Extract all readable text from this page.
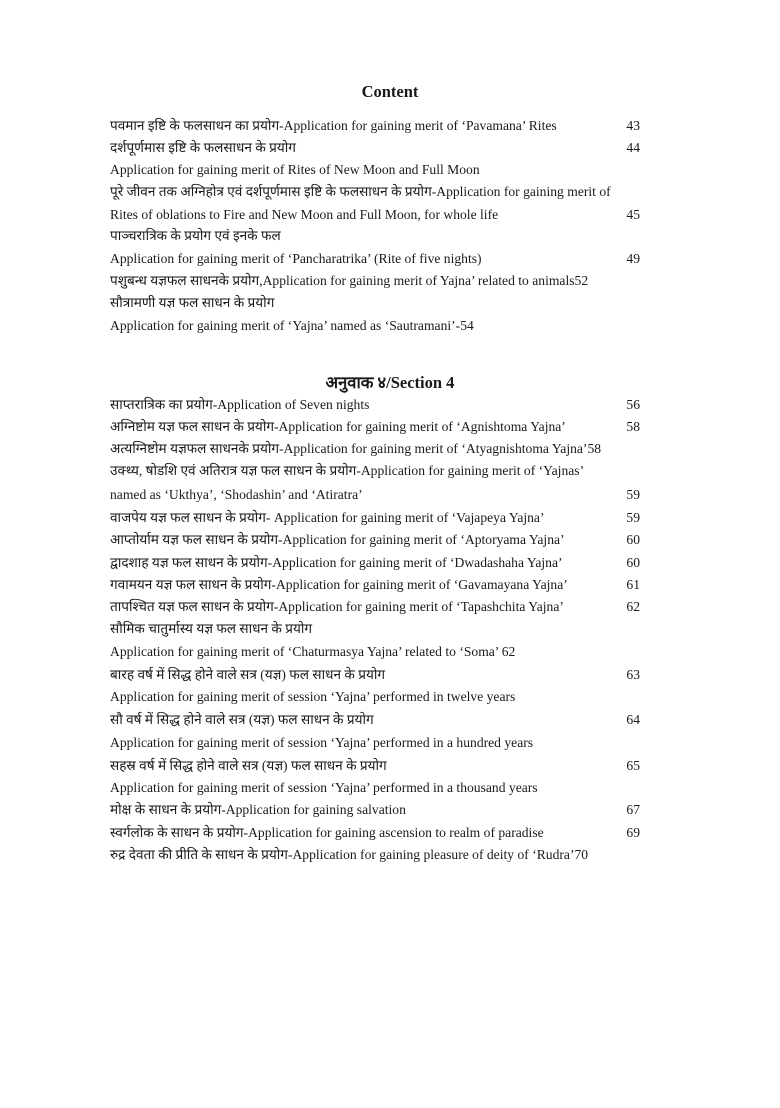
Content
पवमान इष्टि के फलसाधन का प्रयोग-Application for gaining merit of ‘Pavamana’ Rites	43
दर्शपूर्णमास इष्टि के फलसाधन के प्रयोग	44
Application for gaining merit of Rites of New Moon and Full Moon
पूरे जीवन तक अग्निहोत्र एवं दर्शपूर्णमास इष्टि के फलसाधन के प्रयोग-Application for gaining merit of
Rites of oblations to Fire and New Moon and Full Moon, for whole life	45
पाञ्चरात्रिक के प्रयोग एवं इनके फल
Application for gaining merit of ‘Pancharatrika’ (Rite of five nights)	49
पशुबन्ध यज्ञफल साधनके प्रयोग,Application for gaining merit of Yajna’ related to animals52
सौत्रामणी यज्ञ फल साधन के प्रयोग
Application for gaining merit of ‘Yajna’ named as ‘Sautramani’-54
अनुवाक ४/Section 4
साप्तरात्रिक का प्रयोग-Application of Seven nights	56
अग्निष्टोम यज्ञ फल साधन के प्रयोग-Application for gaining merit of ‘Agnishtoma Yajna’	58
अत्यग्निष्टोम यज्ञफल साधनके प्रयोग-Application for gaining merit of ‘Atyagnishtoma Yajna’58
उक्थ्य, षोडशि एवं अतिरात्र यज्ञ फल साधन के प्रयोग-Application for gaining merit of ‘Yajnas’
named as ‘Ukthya’, ‘Shodashin’ and ‘Atiratra’	59
वाजपेय यज्ञ फल साधन के प्रयोग- Application for gaining merit of ‘Vajapeya Yajna’	59
आप्तोर्याम यज्ञ फल साधन के प्रयोग-Application for gaining merit of ‘Aptoryama Yajna’	60
द्वादशाह यज्ञ फल साधन के प्रयोग-Application for gaining merit of ‘Dwadashaha Yajna’	60
गवामयन यज्ञ फल साधन के प्रयोग-Application for gaining merit of ‘Gavamayana Yajna’	61
तापश्चित यज्ञ फल साधन के प्रयोग-Application for gaining merit of ‘Tapashchita Yajna’	62
सौमिक चातुर्मास्य यज्ञ फल साधन के प्रयोग
Application for gaining merit of ‘Chaturmasya Yajna’ related to ‘Soma’ 62
बारह वर्ष में सिद्ध होने वाले सत्र (यज्ञ) फल साधन के प्रयोग	63
Application for gaining merit of session ‘Yajna’ performed in twelve years
सौ वर्ष में सिद्ध होने वाले सत्र (यज्ञ) फल साधन के प्रयोग	64
Application for gaining merit of session ‘Yajna’ performed in a hundred years
सहस्र वर्ष में सिद्ध होने वाले सत्र (यज्ञ) फल साधन के प्रयोग	65
Application for gaining merit of session ‘Yajna’ performed in a thousand years
मोक्ष के साधन के प्रयोग-Application for gaining salvation	67
स्वर्गलोक के साधन के प्रयोग-Application for gaining ascension to realm of paradise	69
रुद्र देवता की प्रीति के साधन के प्रयोग-Application for gaining pleasure of deity of ‘Rudra’70
